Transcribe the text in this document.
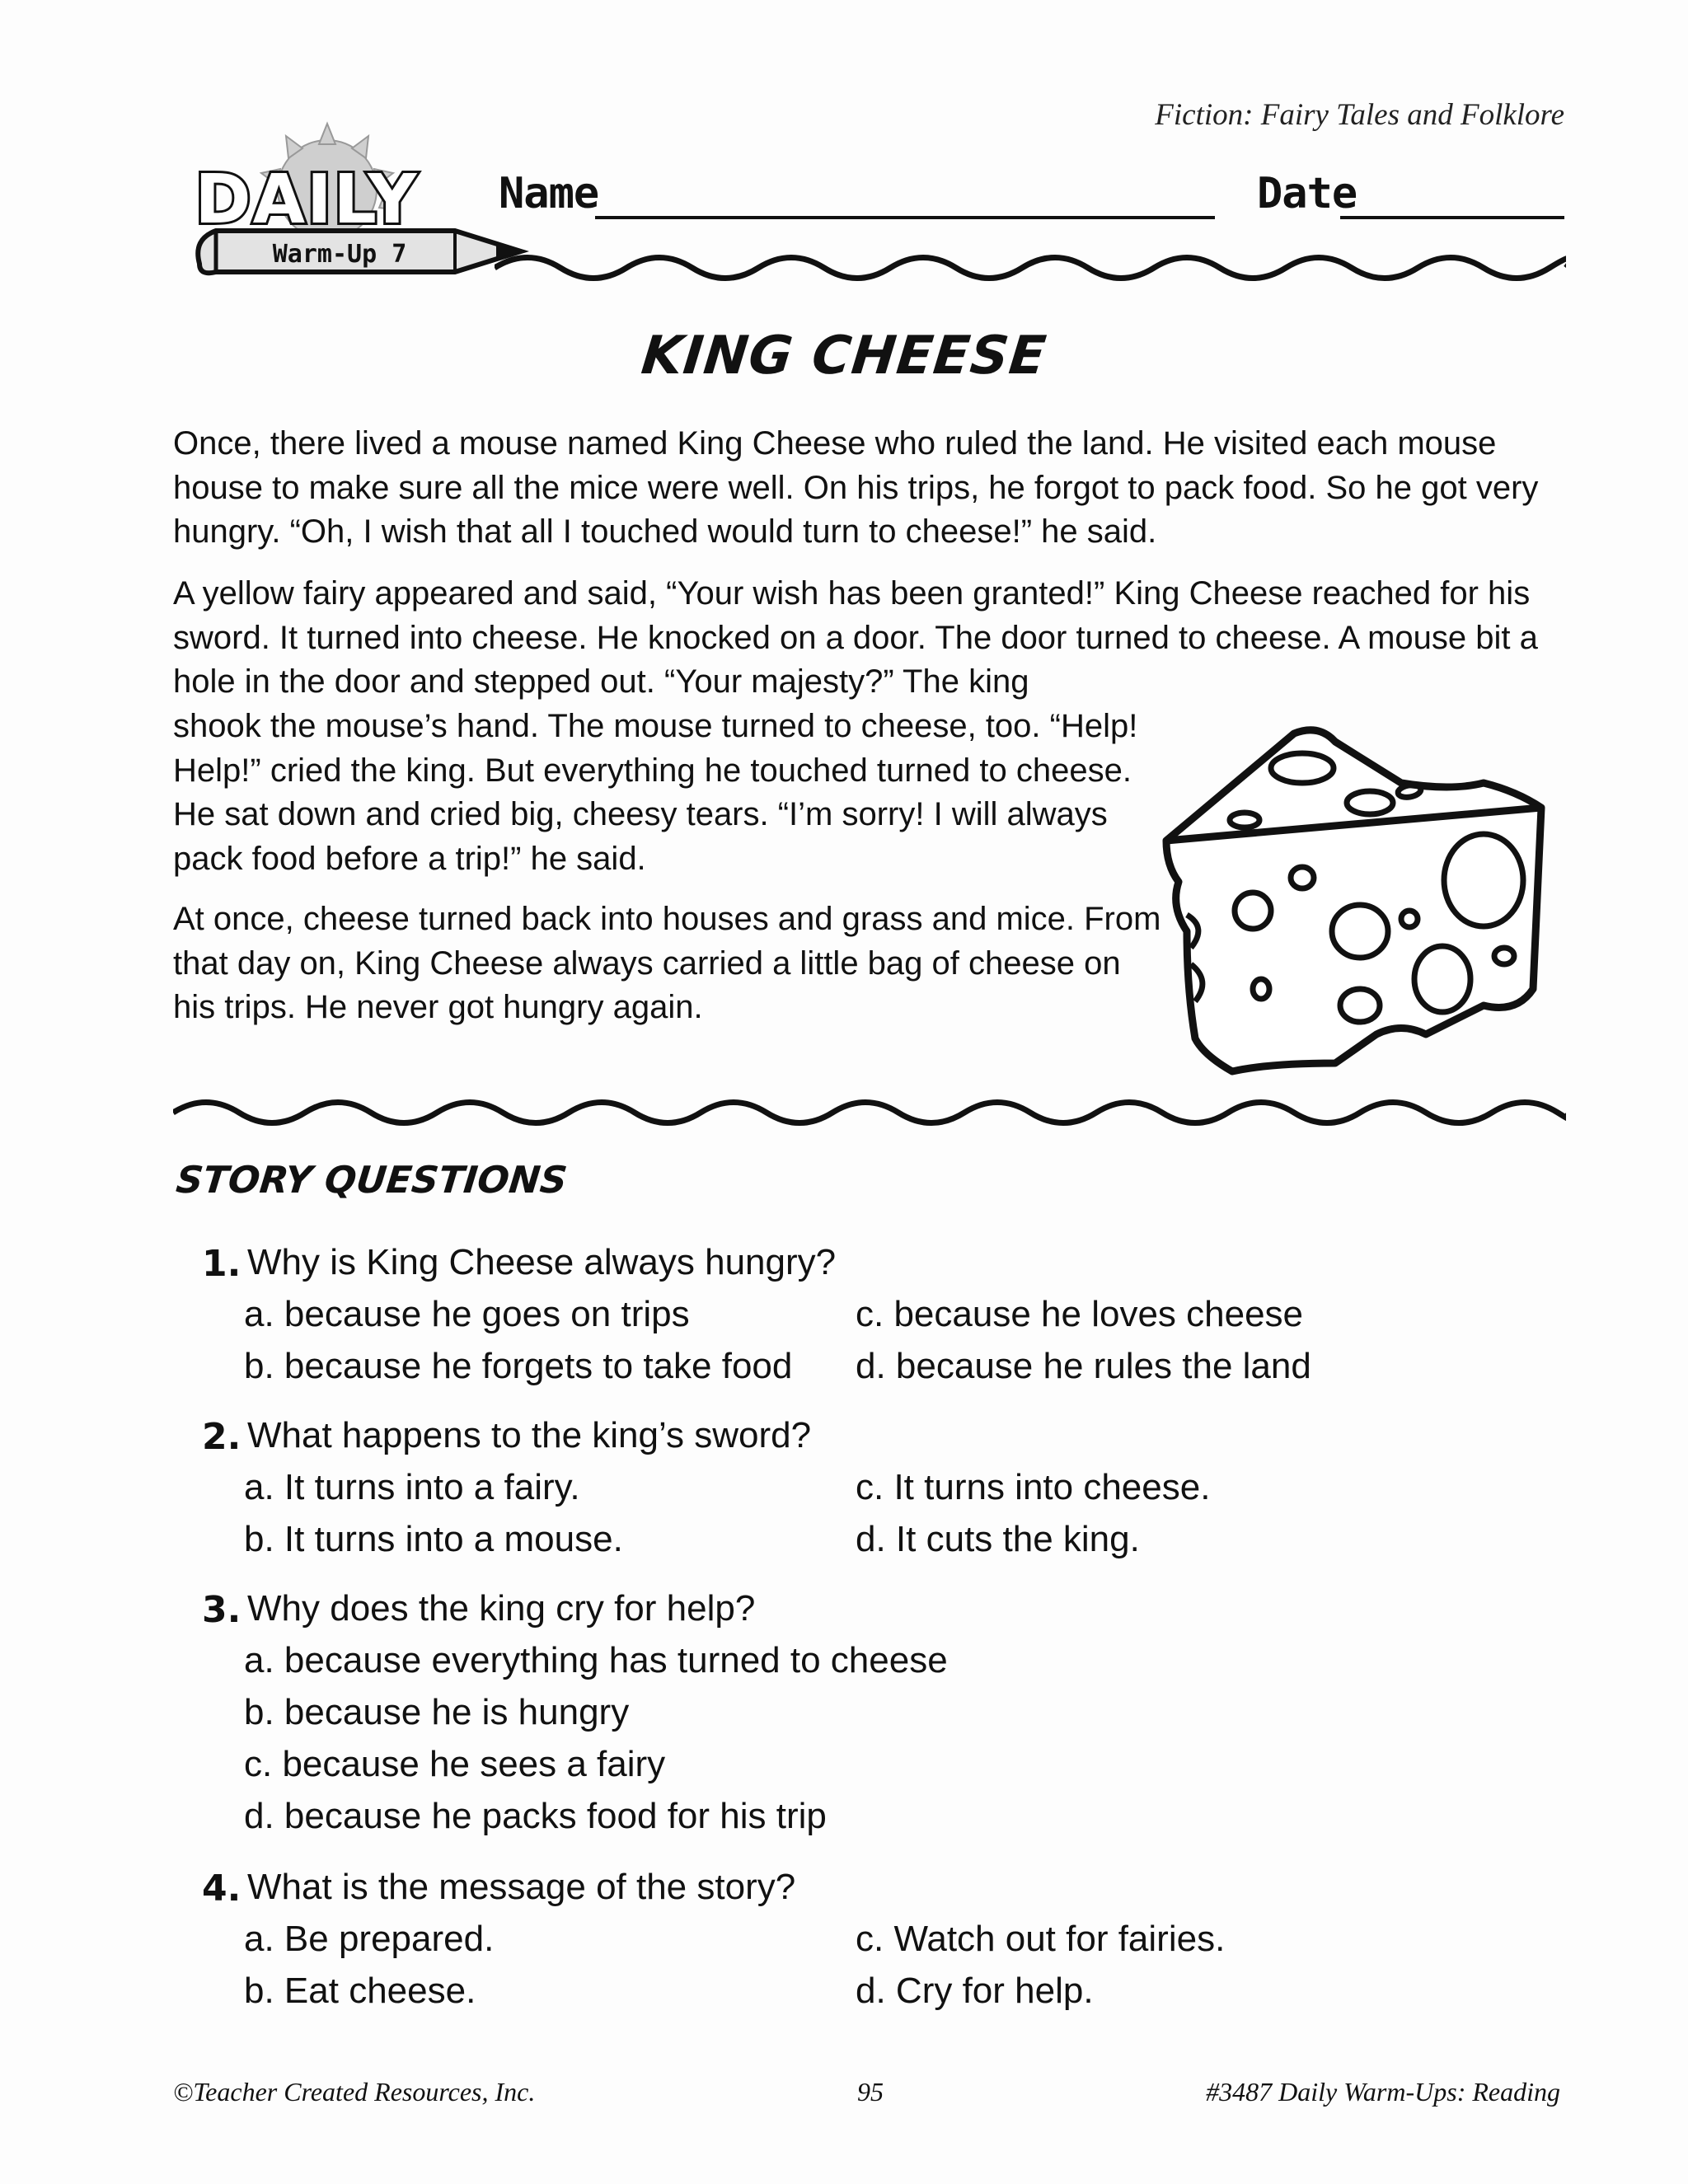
Fiction: Fairy Tales and Folklore
DAILY
Warm-Up 7
Name	Date
KING CHEESE
Once, there lived a mouse named King Cheese who ruled the land. He visited each mouse house to make sure all the mice were well. On his trips, he forgot to pack food. So he got very hungry. “Oh, I wish that all I touched would turn to cheese!” he said.
A yellow fairy appeared and said, “Your wish has been granted!” King Cheese reached for his sword. It turned into cheese. He knocked on a door. The door turned to cheese. A mouse bit a hole in the door and stepped out. “Your majesty?” The king
shook the mouse’s hand. The mouse turned to cheese, too. “Help! Help!” cried the king. But everything he touched turned to cheese. He sat down and cried big, cheesy tears. “I’m sorry! I will always pack food before a trip!” he said.
At once, cheese turned back into houses and grass and mice. From that day on, King Cheese always carried a little bag of cheese on his trips. He never got hungry again.
STORY QUESTIONS
1. Why is King Cheese always hungry?
a. because he goes on trips	c. because he loves cheese
b. because he forgets to take food d. because he rules the land
2. What happens to the king’s sword?
a. It turns into a fairy.	c. It turns into cheese.
b. It turns into a mouse.	d. It cuts the king.
3. Why does the king cry for help?
a. because everything has turned to cheese
b. because he is hungry
c. because he sees a fairy
d. because he packs food for his trip
4. What is the message of the story?
a. Be prepared.	c. Watch out for fairies.
b. Eat cheese.	d. Cry for help.
©Teacher Created Resources, Inc.	95	#3487 Daily Warm-Ups: Reading
